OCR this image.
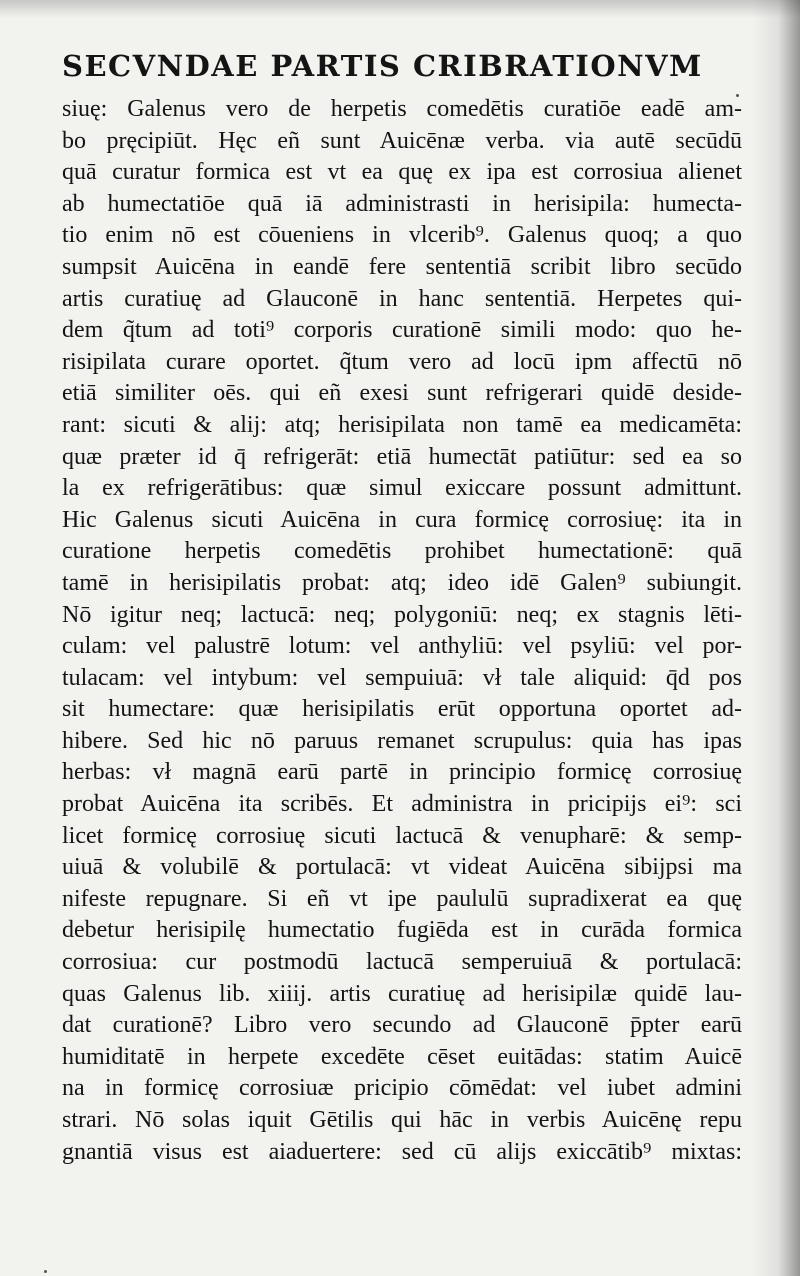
SECVNDAE PARTIS CRIBRATIONVM
siuę: Galenus vero de herpetis comedētis curatiōe eadē am-
bo pręcipiūt. Hęc eñ sunt Auicēnæ verba. via autē secūdū
quā curatur formica est vt ea quę ex ipa est corrosiua alienet
ab humectatiōe quā iā administrasti in herisipila: humecta-
tio enim nō est cōueniens in vlcerib⁹. Galenus quoq; a quo
sumpsit Auicēna in eandē fere sententiā scribit libro secūdo
artis curatiuę ad Glauconē in hanc sententiā. Herpetes qui-
dem q̃tum ad toti⁹ corporis curationē simili modo: quo he-
risipilata curare oportet. q̃tum vero ad locū ipm affectū nō
etiā similiter oēs. qui eñ exesi sunt refrigerari quidē deside-
rant: sicuti & alij: atq; herisipilata non tamē ea medicamēta:
quæ præter id q̄ refrigerāt: etiā humectāt patiūtur: sed ea so
la ex refrigerātibus: quæ simul exiccare possunt admittunt.
Hic Galenus sicuti Auicēna in cura formicę corrosiuę: ita in
curatione herpetis comedētis prohibet humectationē: quā
tamē in herisipilatis probat: atq; ideo idē Galen⁹ subiungit.
Nō igitur neq; lactucā: neq; polygoniū: neq; ex stagnis lēti-
culam: vel palustrē lotum: vel anthyliū: vel psyliū: vel por-
tulacam: vel intybum: vel sempuiuā: vł tale aliquid: q̄d pos
sit humectare: quæ herisipilatis erūt opportuna oportet ad-
hibere. Sed hic nō paruus remanet scrupulus: quia has ipas
herbas: vł magnā earū partē in principio formicę corrosiuę
probat Auicēna ita scribēs. Et administra in pricipijs ei⁹: sci
licet formicę corrosiuę sicuti lactucā & venupharē: & semp-
uiuā & volubilē & portulacā: vt videat Auicēna sibijpsi ma
nifeste repugnare. Si eñ vt ipe paululū supradixerat ea quę
debetur herisipilę humectatio fugiēda est in curāda formica
corrosiua: cur postmodū lactucā semperuiuā & portulacā:
quas Galenus lib. xiiij. artis curatiuę ad herisipilæ quidē lau-
dat curationē? Libro vero secundo ad Glauconē p̄pter earū
humiditatē in herpete excedēte cēset euitādas: statim Auicē
na in formicę corrosiuæ pricipio cōmēdat: vel iubet admini
strari. Nō solas iquit Gētilis qui hāc in verbis Auicēnę repu
gnantiā visus est aiaduertere: sed cū alijs exiccātib⁹ mixtas:
